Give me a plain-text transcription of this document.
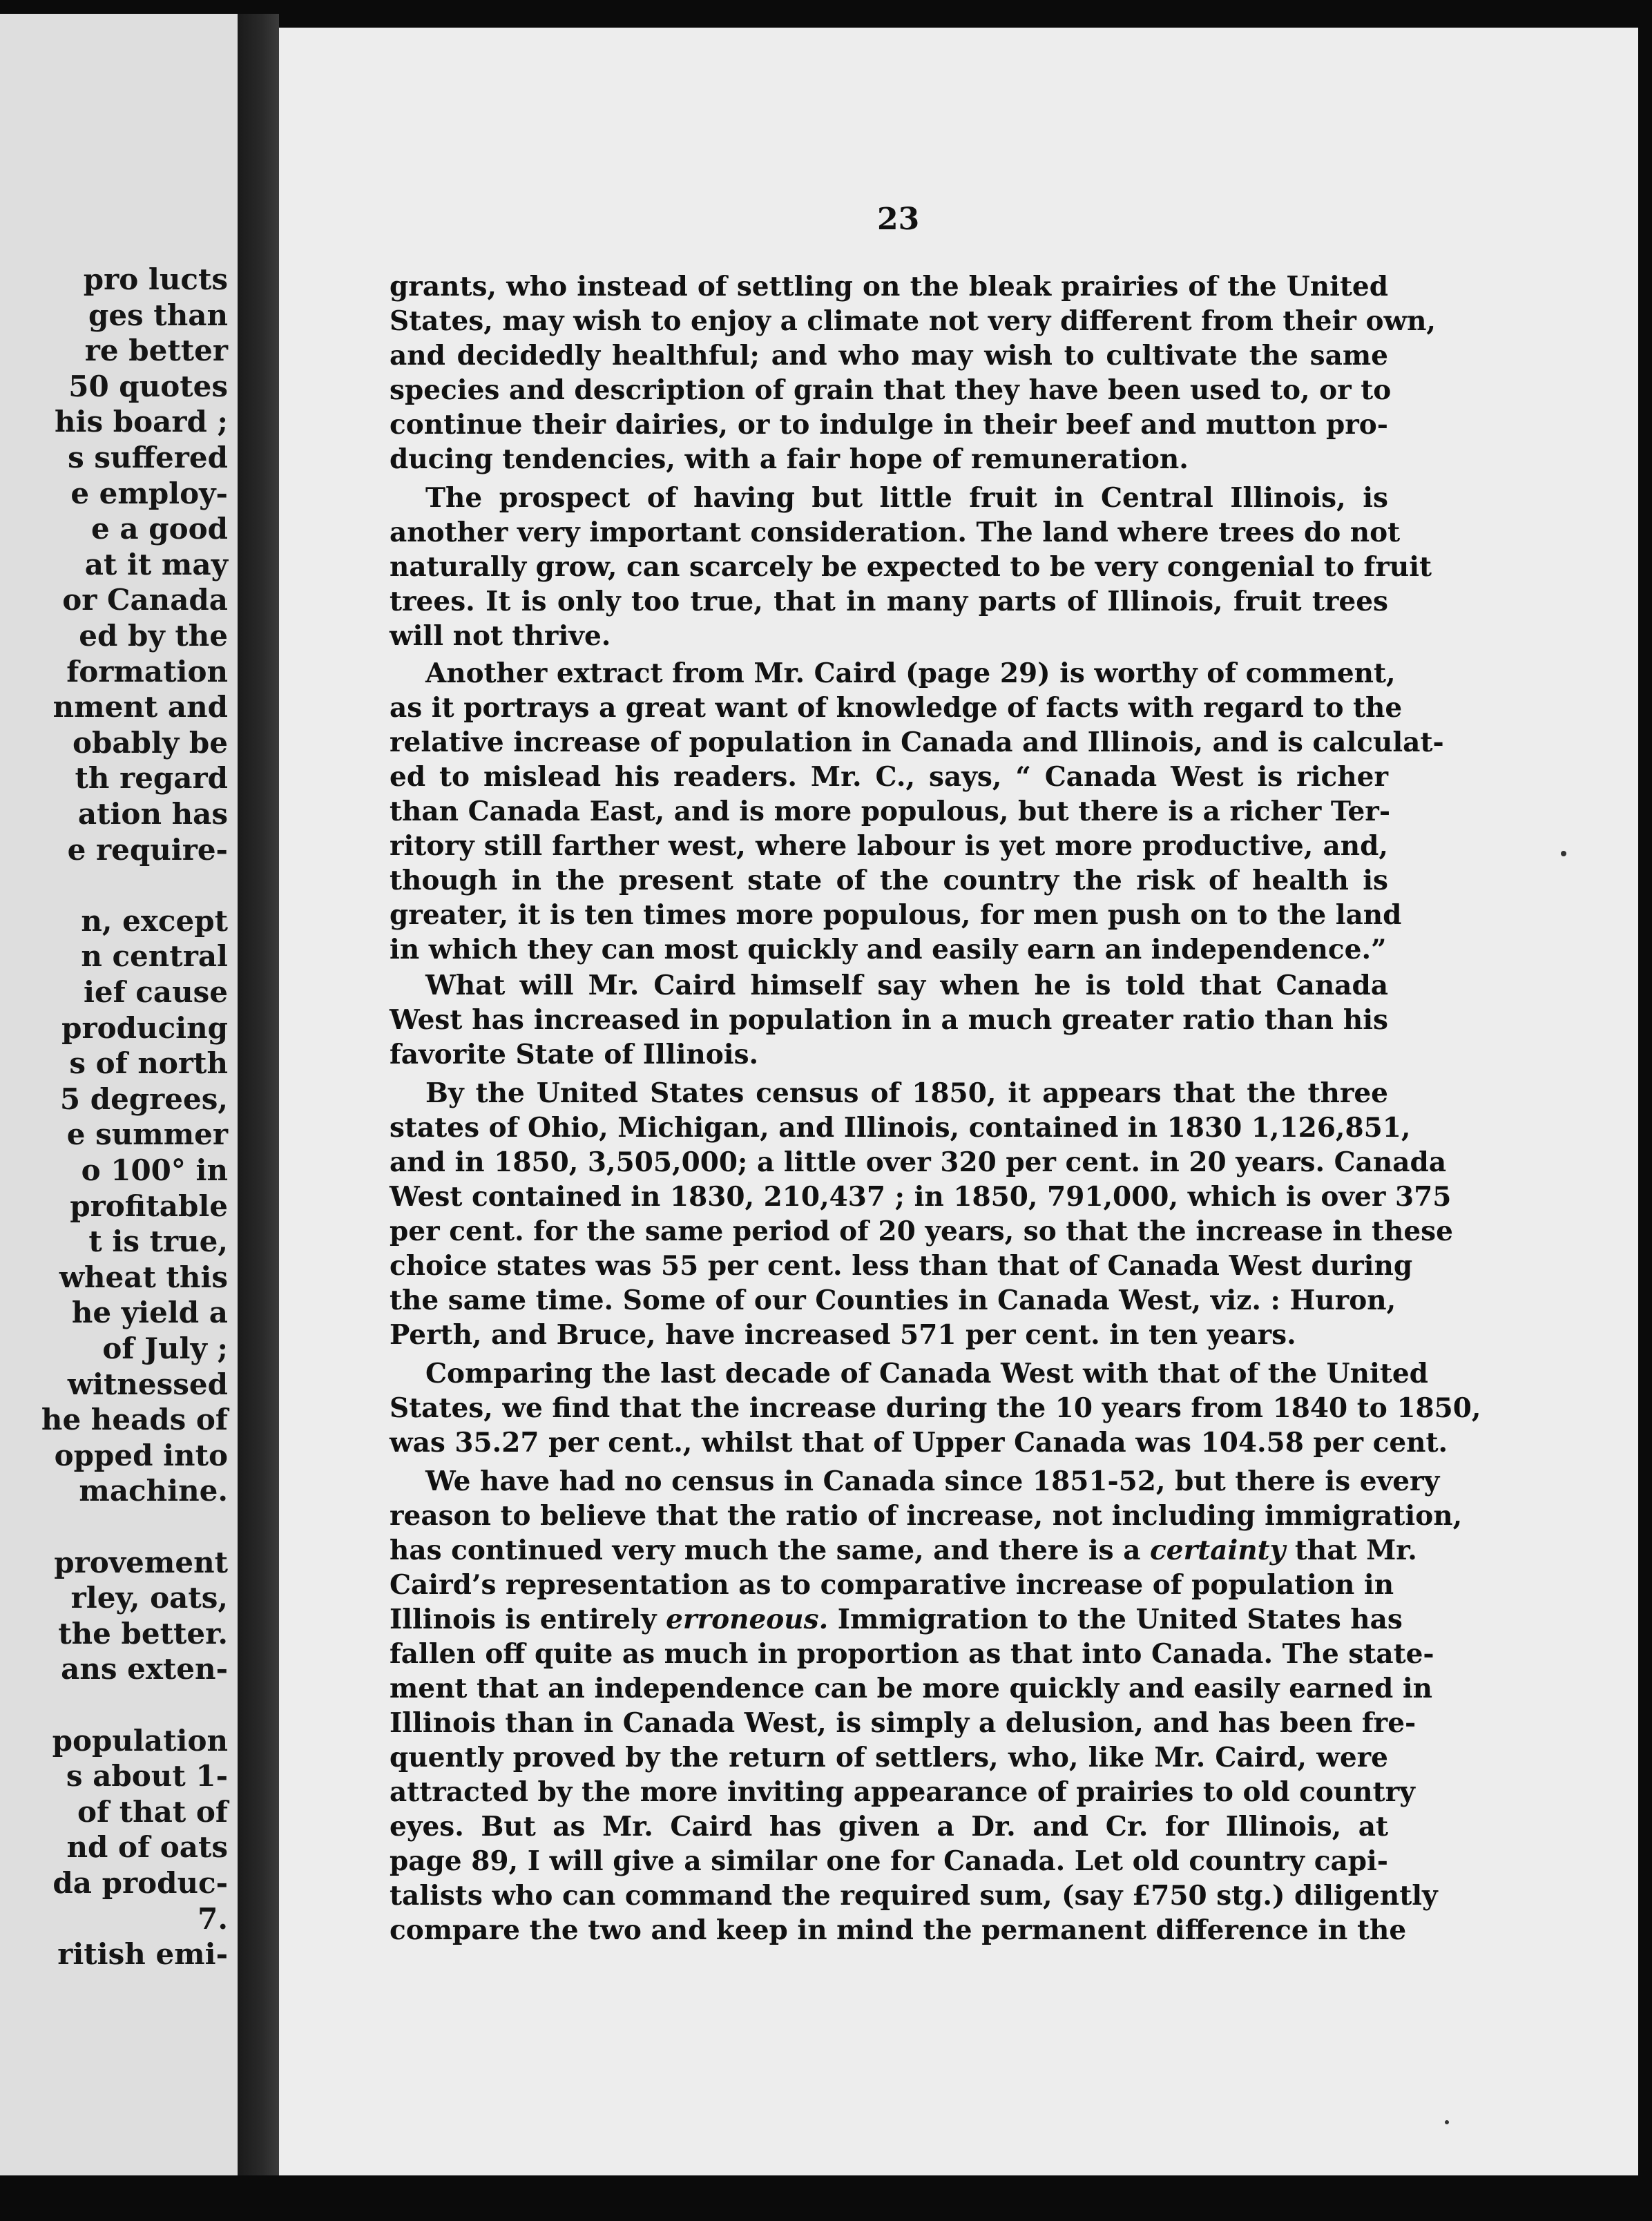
pro lucts
ges than
re better
50 quotes
his board ;
s suffered
e employ-
e a good
at it may
or Canada
ed by the
formation
nment and
obably be
th regard
ation has
e require-
n, except
n central
ief cause
producing
s of north
5 degrees,
e summer
o 100° in
profitable
t is true,
wheat this
he yield a
of July ;
witnessed
he heads of
opped into
machine.
provement
rley, oats,
the better.
ans exten-
population
s about 1-
of that of
nd of oats
da produc-
7.
ritish emi-
23
grants, who instead of settling on the bleak prairies of the United
States, may wish to enjoy a climate not very different from their own,
and decidedly healthful; and who may wish to cultivate the same
species and description of grain that they have been used to, or to
continue their dairies, or to indulge in their beef and mutton pro-
ducing tendencies, with a fair hope of remuneration.
The prospect of having but little fruit in Central Illinois, is
another very important consideration. The land where trees do not
naturally grow, can scarcely be expected to be very congenial to fruit
trees. It is only too true, that in many parts of Illinois, fruit trees
will not thrive.
Another extract from Mr. Caird (page 29) is worthy of comment,
as it portrays a great want of knowledge of facts with regard to the
relative increase of population in Canada and Illinois, and is calculat-
ed to mislead his readers. Mr. C., says, “ Canada West is richer
than Canada East, and is more populous, but there is a richer Ter-
ritory still farther west, where labour is yet more productive, and,
though in the present state of the country the risk of health is
greater, it is ten times more populous, for men push on to the land
in which they can most quickly and easily earn an independence.”
What will Mr. Caird himself say when he is told that Canada
West has increased in population in a much greater ratio than his
favorite State of Illinois.
By the United States census of 1850, it appears that the three
states of Ohio, Michigan, and Illinois, contained in 1830 1,126,851,
and in 1850, 3,505,000; a little over 320 per cent. in 20 years. Canada
West contained in 1830, 210,437 ; in 1850, 791,000, which is over 375
per cent. for the same period of 20 years, so that the increase in these
choice states was 55 per cent. less than that of Canada West during
the same time. Some of our Counties in Canada West, viz. : Huron,
Perth, and Bruce, have increased 571 per cent. in ten years.
Comparing the last decade of Canada West with that of the United
States, we find that the increase during the 10 years from 1840 to 1850,
was 35.27 per cent., whilst that of Upper Canada was 104.58 per cent.
We have had no census in Canada since 1851-52, but there is every
reason to believe that the ratio of increase, not including immigration,
has continued very much the same, and there is a certainty that Mr.
Caird’s representation as to comparative increase of population in
Illinois is entirely erroneous. Immigration to the United States has
fallen off quite as much in proportion as that into Canada. The state-
ment that an independence can be more quickly and easily earned in
Illinois than in Canada West, is simply a delusion, and has been fre-
quently proved by the return of settlers, who, like Mr. Caird, were
attracted by the more inviting appearance of prairies to old country
eyes. But as Mr. Caird has given a Dr. and Cr. for Illinois, at
page 89, I will give a similar one for Canada. Let old country capi-
talists who can command the required sum, (say £750 stg.) diligently
compare the two and keep in mind the permanent difference in the
